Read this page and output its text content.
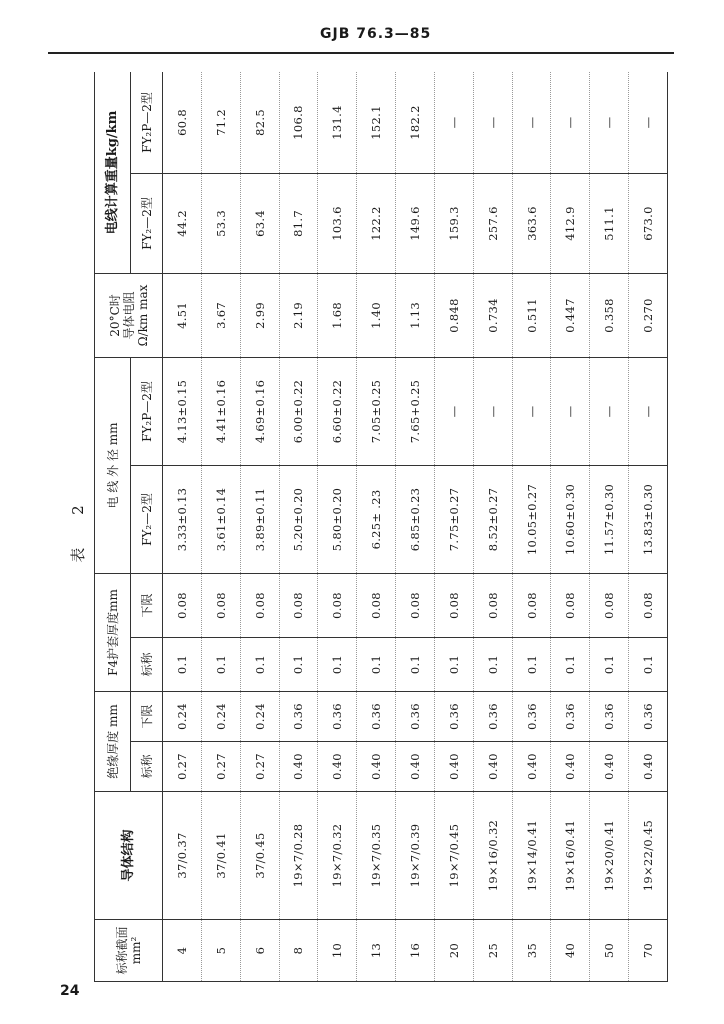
GJB 76.3—85
表 2
标称截面
mm²	导体结构	绝缘厚度 mm		F4护套厚度mm		电 线 外 径 mm		20°C时
导体电阻
Ω/km max	电线计算重量kg/km	
		标称	下限	标称	下限	FY₂—2型	FY₂P—2型		FY₂—2型	FY₂P—2型
4	37/0.37	0.27	0.24	0.1	0.08	3.33±0.13	4.13±0.15	4.51	44.2	60.8
5	37/0.41	0.27	0.24	0.1	0.08	3.61±0.14	4.41±0.16	3.67	53.3	71.2
6	37/0.45	0.27	0.24	0.1	0.08	3.89±0.11	4.69±0.16	2.99	63.4	82.5
8	19×7/0.28	0.40	0.36	0.1	0.08	5.20±0.20	6.00±0.22	2.19	81.7	106.8
10	19×7/0.32	0.40	0.36	0.1	0.08	5.80±0.20	6.60±0.22	1.68	103.6	131.4
13	19×7/0.35	0.40	0.36	0.1	0.08	6.25± .23	7.05±0.25	1.40	122.2	152.1
16	19×7/0.39	0.40	0.36	0.1	0.08	6.85±0.23	7.65+0.25	1.13	149.6	182.2
20	19×7/0.45	0.40	0.36	0.1	0.08	7.75±0.27	—	0.848	159.3	—
25	19×16/0.32	0.40	0.36	0.1	0.08	8.52±0.27	—	0.734	257.6	—
35	19×14/0.41	0.40	0.36	0.1	0.08	10.05±0.27	—	0.511	363.6	—
40	19×16/0.41	0.40	0.36	0.1	0.08	10.60±0.30	—	0.447	412.9	—
50	19×20/0.41	0.40	0.36	0.1	0.08	11.57±0.30	—	0.358	511.1	—
70	19×22/0.45	0.40	0.36	0.1	0.08	13.83±0.30	—	0.270	673.0	—
24
